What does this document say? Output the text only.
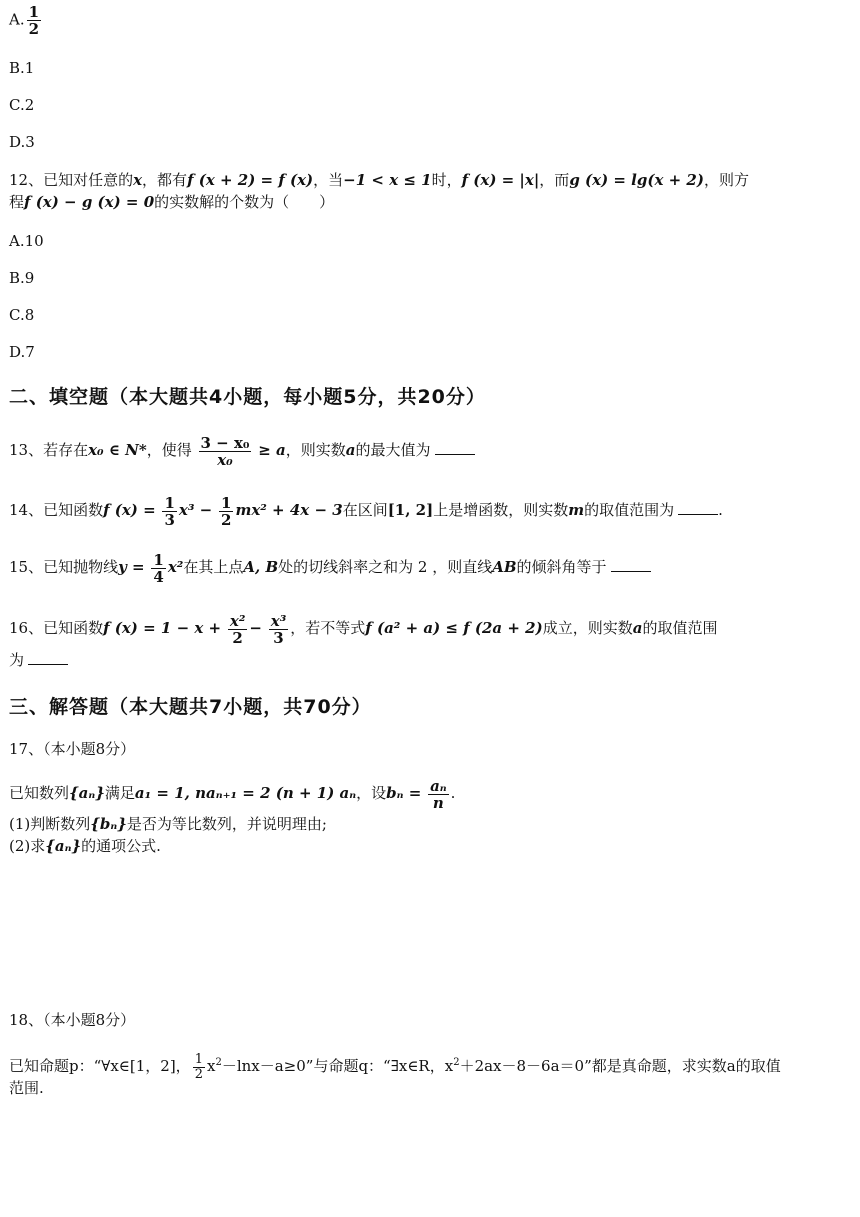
A. $\frac{1}{2}$
B.1
C.2
D.3
12、已知对任意的x，都有f (x + 2) = f (x)，当−1 < x ≤ 1时，f (x) = |x|，而g (x) = lg(x + 2)，则方
程f (x) − g (x) = 0的实数解的个数为（　　）
A.10
B.9
C.8
D.7
二、填空题（本大题共4小题，每小题5分，共20分）
13、若存在x₀ ∈ N*，使得 $\frac{\text{3 − x₀}}{\text{x₀}} \ge a$，则实数a的最大值为
14、已知函数f $(x) = \frac{1}{3} x^3 - \frac{1}{2} mx^2 + 4x - 3$在区间[1, 2]上是增函数，则实数m的取值范围为	.
15、已知抛物线$y = \frac{1}{4} x^2$在其上点A, B处的切线斜率之和为 2 ，则直线AB的倾斜角等于
16、已知函数f $(x) = 1 - x + \frac{\text{x²}}{2} - \frac{\text{x³}}{3}$ ，若不等式f (a² + a) ≤ f (2a + 2)成立，则实数a的取值范围
为
三、解答题（本大题共7小题，共70分）
17、（本小题8分）
已知数列{aₙ}满足a₁ = 1, naₙ₊₁ = 2 (n + 1) aₙ，设$b_n = \frac{\text{aₙ}}{n}$ .
(1)判断数列{bₙ}是否为等比数列，并说明理由;
(2)求{aₙ}的通项公式.
18、（本小题8分）
已知命题p：“∀x∈[1，2]， $\frac{1}{2} x^2-\ln x-a\ge 0$”与命题q：“∃x∈R，$x^2+2ax-8-6a=0$”都是真命题，求实数a的取值
范围.
